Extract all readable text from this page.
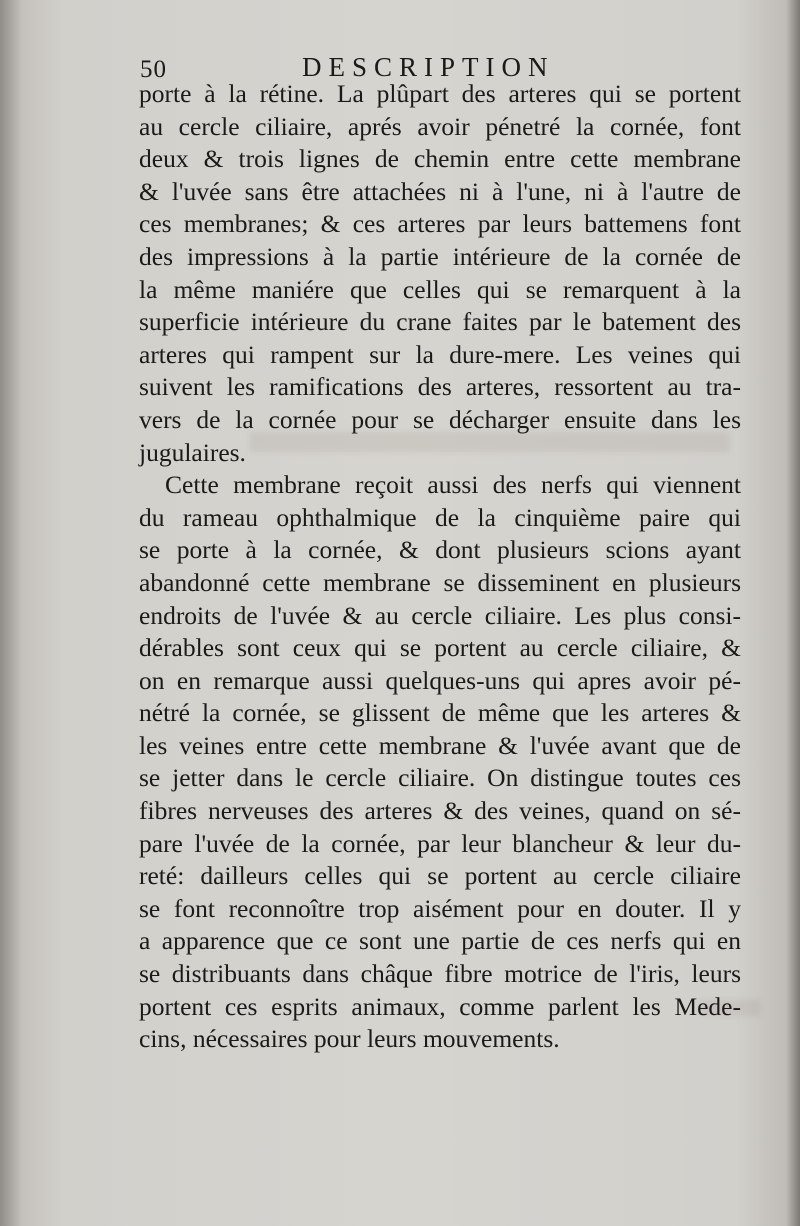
50	DESCRIPTION
porte à la rétine. La plûpart des arteres qui se portent
au cercle ciliaire, aprés avoir pénetré la cornée, font
deux & trois lignes de chemin entre cette membrane
& l'uvée sans être attachées ni à l'une, ni à l'autre de
ces membranes; & ces arteres par leurs battemens font
des impressions à la partie intérieure de la cornée de
la même maniére que celles qui se remarquent à la
superficie intérieure du crane faites par le batement des
arteres qui rampent sur la dure-mere. Les veines qui
suivent les ramifications des arteres, ressortent au tra-
vers de la cornée pour se décharger ensuite dans les
jugulaires.
Cette membrane reçoit aussi des nerfs qui viennent
du rameau ophthalmique de la cinquième paire qui
se porte à la cornée, & dont plusieurs scions ayant
abandonné cette membrane se disseminent en plusieurs
endroits de l'uvée & au cercle ciliaire. Les plus consi-
dérables sont ceux qui se portent au cercle ciliaire, &
on en remarque aussi quelques-uns qui apres avoir pé-
nétré la cornée, se glissent de même que les arteres &
les veines entre cette membrane & l'uvée avant que de
se jetter dans le cercle ciliaire. On distingue toutes ces
fibres nerveuses des arteres & des veines, quand on sé-
pare l'uvée de la cornée, par leur blancheur & leur du-
reté: dailleurs celles qui se portent au cercle ciliaire
se font reconnoître trop aisément pour en douter. Il y
a apparence que ce sont une partie de ces nerfs qui en
se distribuants dans châque fibre motrice de l'iris, leurs
portent ces esprits animaux, comme parlent les Mede-
cins, nécessaires pour leurs mouvements.
